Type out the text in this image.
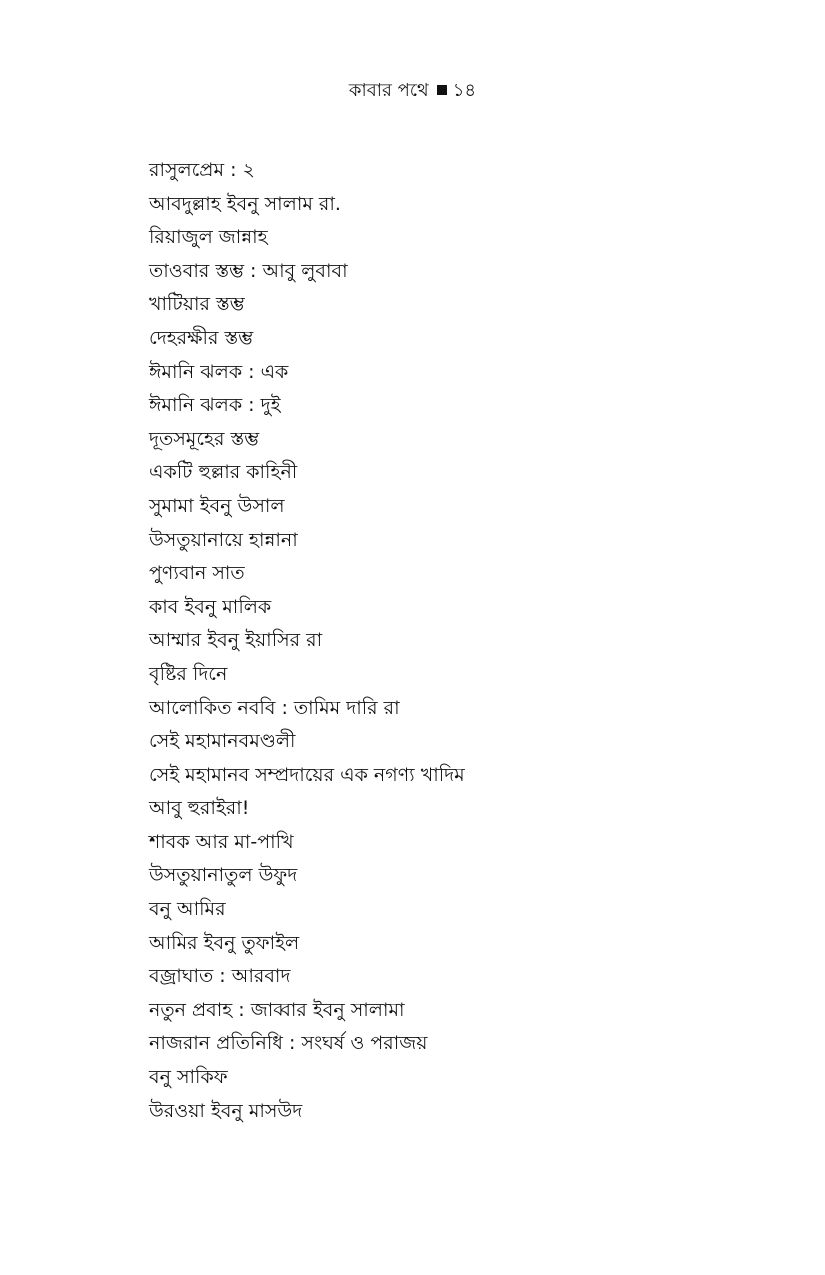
কাবার পথে ১৪
রাসুলপ্রেম : ২
আবদুল্লাহ ইবনু সালাম রা.
রিয়াজুল জান্নাহ
তাওবার স্তম্ভ : আবু লুবাবা
খাটিয়ার স্তম্ভ
দেহরক্ষীর স্তম্ভ
ঈমানি ঝলক : এক
ঈমানি ঝলক : দুই
দূতসমূহের স্তম্ভ
একটি হুল্লার কাহিনী
সুমামা ইবনু উসাল
উসতুয়ানায়ে হান্নানা
পুণ্যবান সাত
কাব ইবনু মালিক
আম্মার ইবনু ইয়াসির রা
বৃষ্টির দিনে
আলোকিত নববি : তামিম দারি রা
সেই মহামানবমণ্ডলী
সেই মহামানব সম্প্রদায়ের এক নগণ্য খাদিম
আবু হুরাইরা!
শাবক আর মা-পাখি
উসতুয়ানাতুল উফুদ
বনু আমির
আমির ইবনু তুফাইল
বজ্রাঘাত : আরবাদ
নতুন প্রবাহ : জাব্বার ইবনু সালামা
নাজরান প্রতিনিধি : সংঘর্ষ ও পরাজয়
বনু সাকিফ
উরওয়া ইবনু মাসউদ
